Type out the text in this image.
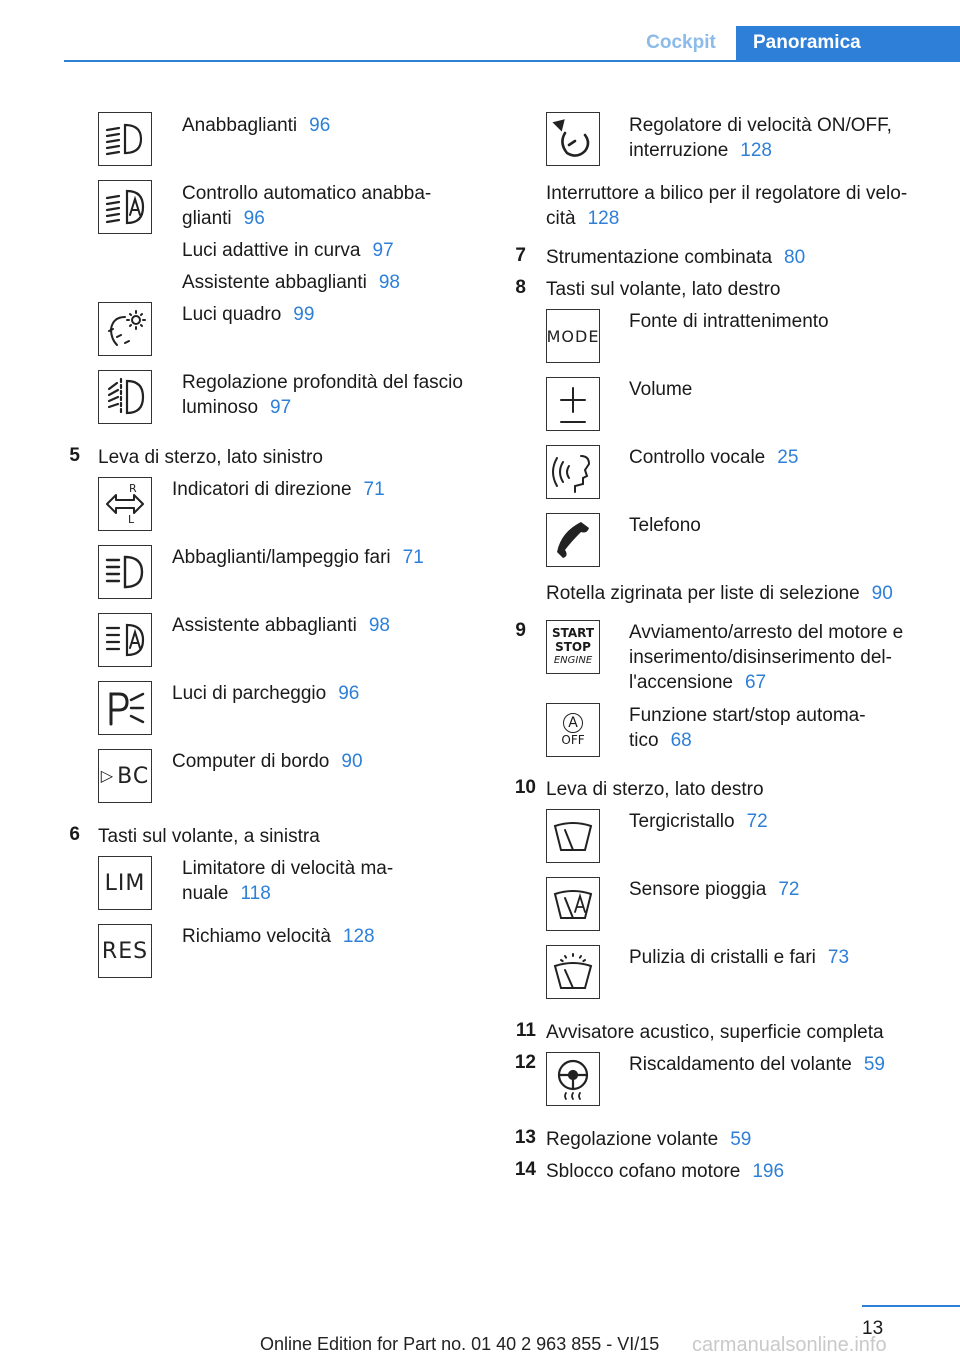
Cockpit	Panoramica
Anabbaglianti 96
Controllo automatico anabba-
glianti 96
Luci adattive in curva 97
Assistente abbaglianti 98
Luci quadro 99
Regolazione profondità del fascio
luminoso 97
5 Leva di sterzo, lato sinistro
R
L
Indicatori di direzione 71
Abbaglianti/lampeggio fari 71
Assistente abbaglianti 98
Luci di parcheggio 96
▷ BC
Computer di bordo 90
6 Tasti sul volante, a sinistra
LIM
Limitatore di velocità ma-
nuale 118
RES
Richiamo velocità 128
Regolatore di velocità ON/OFF,
interruzione 128
Interruttore a bilico per il regolatore di velo-
cità 128
7 Strumentazione combinata 80
8 Tasti sul volante, lato destro
MODE
Fonte di intrattenimento
Volume
Controllo vocale 25
Telefono
Rotella zigrinata per liste di selezione 90
9 START
STOP
ENGINE
Avviamento/arresto del motore e
inserimento/disinserimento del-
l'accensione 67
A
OFF
Funzione start/stop automa-
tico 68
10 Leva di sterzo, lato destro
Tergicristallo 72
Sensore pioggia 72
Pulizia di cristalli e fari 73
11 Avvisatore acustico, superficie completa
12	Riscaldamento del volante 59
13 Regolazione volante 59
14 Sblocco cofano motore 196
13
Online Edition for Part no. 01 40 2 963 855 - VI/15 carmanualsonline.info
